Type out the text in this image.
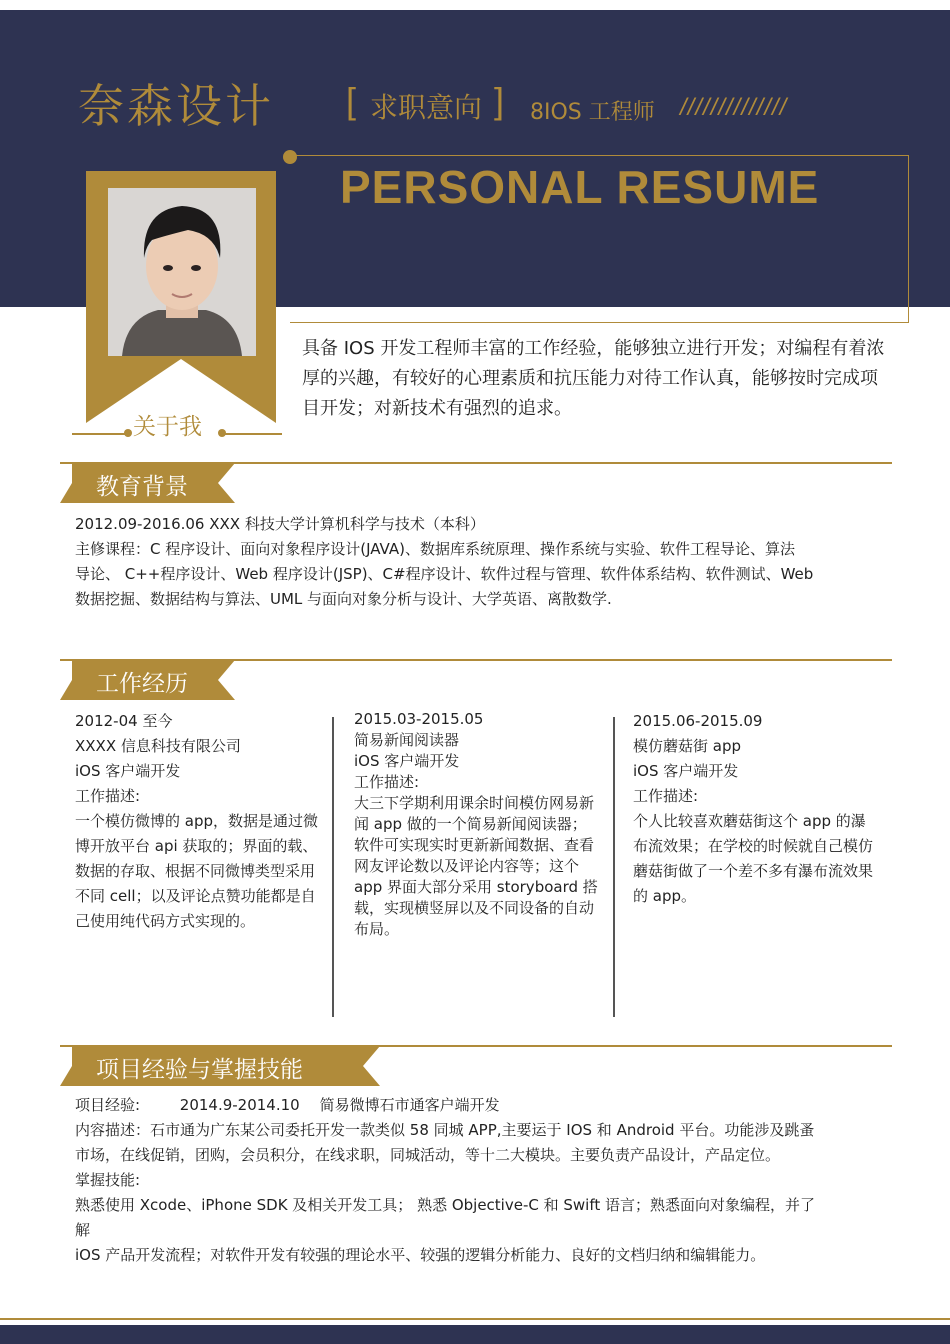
奈森设计 [ 求职意向 ] 8IOS 工程师 //////////////
PERSONAL RESUME
关于我
具备 IOS 开发工程师丰富的工作经验，能够独立进行开发；对编程有着浓厚的兴趣，有较好的心理素质和抗压能力对待工作认真，能够按时完成项目开发；对新技术有强烈的追求。
教育背景
2012.09-2016.06 XXX 科技大学计算机科学与技术（本科）
主修课程：C 程序设计、面向对象程序设计(JAVA)、数据库系统原理、操作系统与实验、软件工程导论、算法
导论、 C++程序设计、Web 程序设计(JSP)、C#程序设计、软件过程与管理、软件体系结构、软件测试、Web
数据挖掘、数据结构与算法、UML 与面向对象分析与设计、大学英语、离散数学.
工作经历
2012-04 至今
XXXX 信息科技有限公司
iOS 客户端开发
工作描述:
一个模仿微博的 app，数据是通过微博开放平台 api 获取的；界面的载、数据的存取、根据不同微博类型采用不同 cell；以及评论点赞功能都是自己使用纯代码方式实现的。
2015.03-2015.05
简易新闻阅读器
iOS 客户端开发
工作描述:
大三下学期利用课余时间模仿网易新闻 app 做的一个简易新闻阅读器；软件可实现实时更新新闻数据、查看网友评论数以及评论内容等；这个 app 界面大部分采用 storyboard 搭载，实现横竖屏以及不同设备的自动布局。
2015.06-2015.09
模仿蘑菇街 app
iOS 客户端开发
工作描述:
个人比较喜欢蘑菇街这个 app 的瀑布流效果；在学校的时候就自己模仿蘑菇街做了一个差不多有瀑布流效果的 app。
项目经验与掌握技能
项目经验:	2014.9-2014.10 简易微博石市通客户端开发
内容描述：石市通为广东某公司委托开发一款类似 58 同城 APP,主要运于 IOS 和 Android 平台。功能涉及跳蚤
市场，在线促销，团购，会员积分，在线求职，同城活动，等十二大模块。主要负责产品设计，产品定位。
掌握技能:
熟悉使用 Xcode、iPhone SDK 及相关开发工具； 熟悉 Objective-C 和 Swift 语言；熟悉面向对象编程，并了
解
iOS 产品开发流程；对软件开发有较强的理论水平、较强的逻辑分析能力、良好的文档归纳和编辑能力。
